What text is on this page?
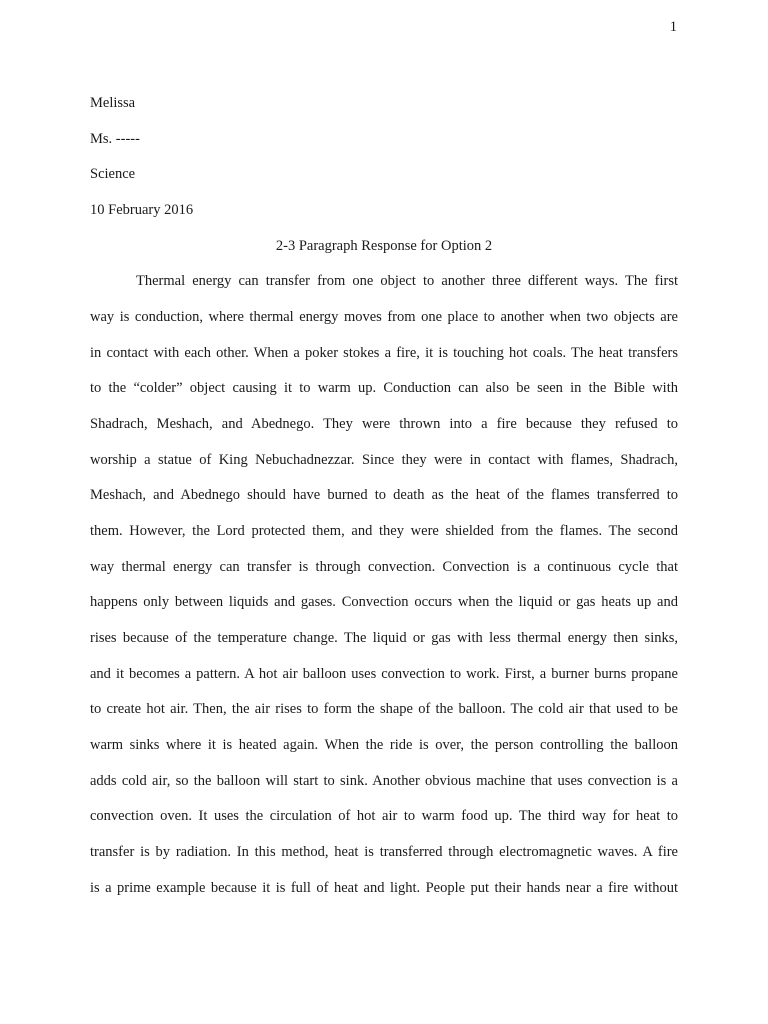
1
Melissa
Ms. -----
Science
10 February 2016
2-3 Paragraph Response for Option 2
Thermal energy can transfer from one object to another three different ways. The first
way is conduction, where thermal energy moves from one place to another when two objects are
in contact with each other. When a poker stokes a fire, it is touching hot coals. The heat transfers
to the “colder” object causing it to warm up. Conduction can also be seen in the Bible with
Shadrach, Meshach, and Abednego. They were thrown into a fire because they refused to
worship a statue of King Nebuchadnezzar. Since they were in contact with flames, Shadrach,
Meshach, and Abednego should have burned to death as the heat of the flames transferred to
them. However, the Lord protected them, and they were shielded from the flames. The second
way thermal energy can transfer is through convection. Convection is a continuous cycle that
happens only between liquids and gases. Convection occurs when the liquid or gas heats up and
rises because of the temperature change. The liquid or gas with less thermal energy then sinks,
and it becomes a pattern. A hot air balloon uses convection to work. First, a burner burns propane
to create hot air. Then, the air rises to form the shape of the balloon. The cold air that used to be
warm sinks where it is heated again. When the ride is over, the person controlling the balloon
adds cold air, so the balloon will start to sink. Another obvious machine that uses convection is a
convection oven. It uses the circulation of hot air to warm food up. The third way for heat to
transfer is by radiation. In this method, heat is transferred through electromagnetic waves. A fire
is a prime example because it is full of heat and light. People put their hands near a fire without
